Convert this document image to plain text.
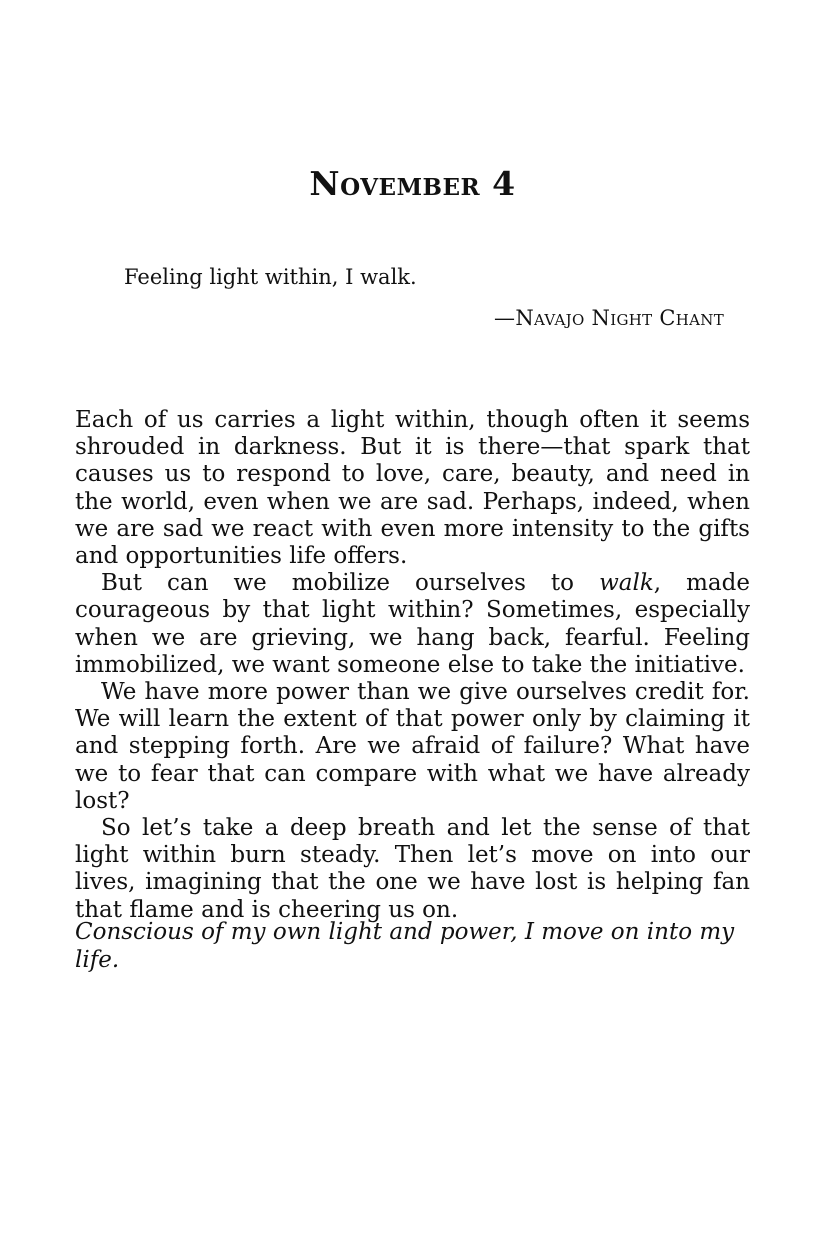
November 4

Feeling light within, I walk.

—Navajo Night Chant

Each of us carries a light within, though often it seems shrouded in darkness. But it is there—that spark that causes us to respond to love, care, beauty, and need in the world, even when we are sad. Perhaps, indeed, when we are sad we react with even more intensity to the gifts and opportunities life offers.

But can we mobilize ourselves to walk, made courageous by that light within? Sometimes, especially when we are grieving, we hang back, fearful. Feeling immobilized, we want someone else to take the initiative.

We have more power than we give ourselves credit for. We will learn the extent of that power only by claiming it and stepping forth. Are we afraid of failure? What have we to fear that can compare with what we have already lost?

So let’s take a deep breath and let the sense of that light within burn steady. Then let’s move on into our lives, imagining that the one we have lost is helping fan that flame and is cheering us on.

Conscious of my own light and power, I move on into my life.
